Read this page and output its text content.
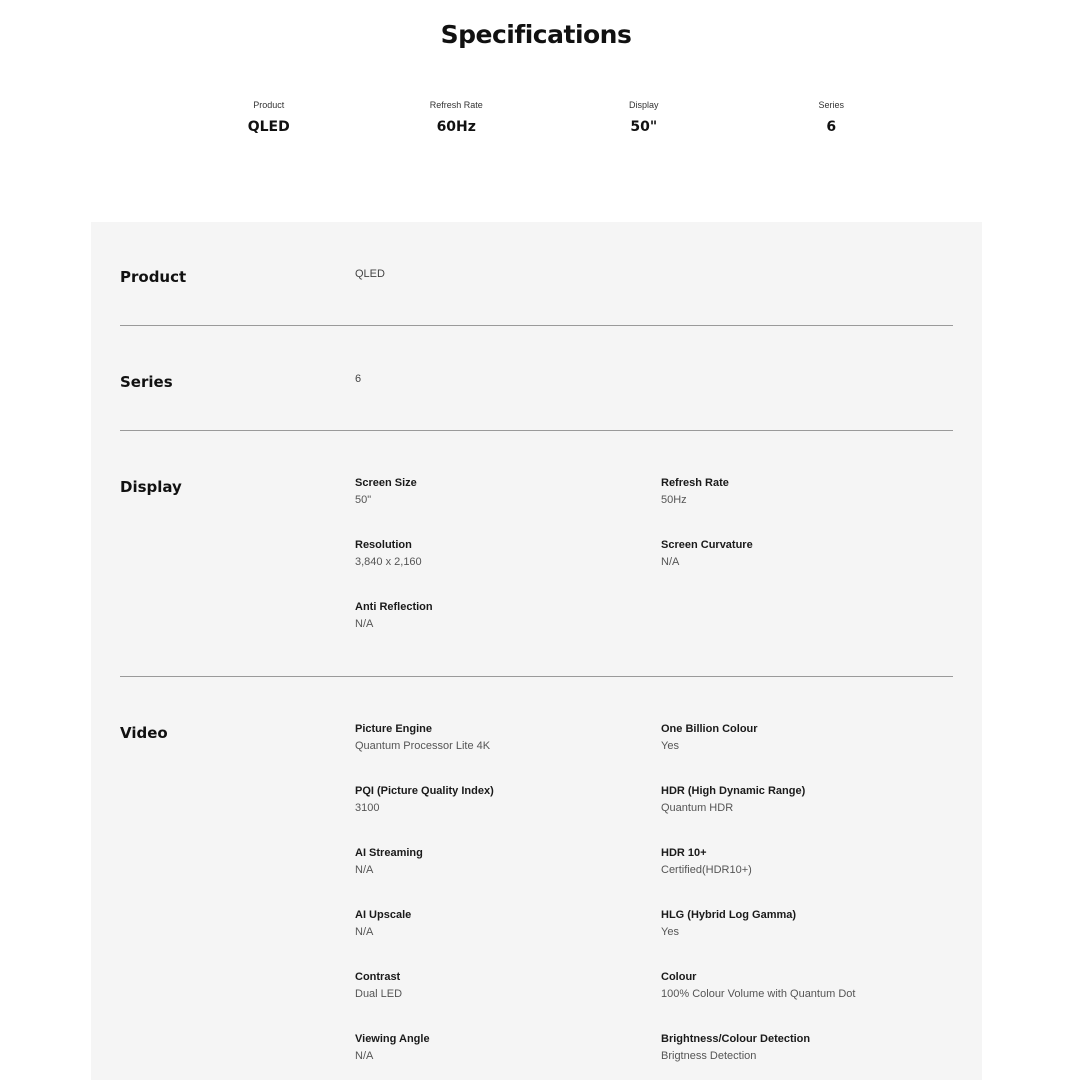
Specifications
Product
QLED
Refresh Rate
60Hz
Display
50"
Series
6
Product	QLED
Series	6
Display	Screen Size
50"
Refresh Rate
50Hz
Resolution
3,840 x 2,160
Screen Curvature
N/A
Anti Reflection
N/A
Video	Picture Engine
Quantum Processor Lite 4K
One Billion Colour
Yes
PQI (Picture Quality Index)
3100
HDR (High Dynamic Range)
Quantum HDR
AI Streaming
N/A
HDR 10+
Certified(HDR10+)
AI Upscale
N/A
HLG (Hybrid Log Gamma)
Yes
Contrast
Dual LED
Colour
100% Colour Volume with Quantum Dot
Viewing Angle
N/A
Brightness/Colour Detection
Brigtness Detection
